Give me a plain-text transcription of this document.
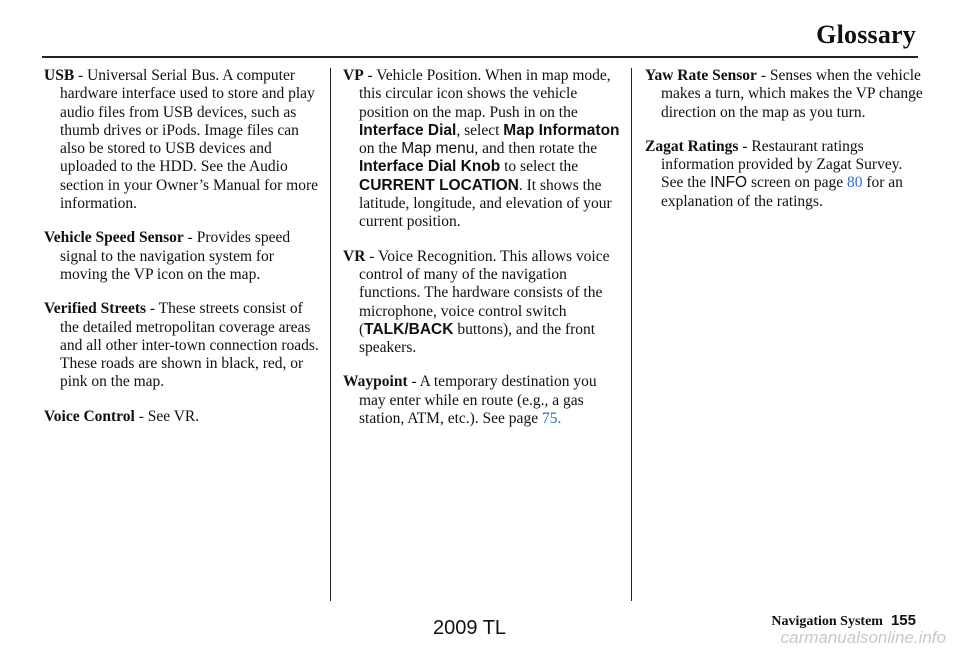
Glossary

USB - Universal Serial Bus. A computer hardware interface used to store and play audio files from USB devices, such as thumb drives or iPods. Image files can also be stored to USB devices and uploaded to the HDD. See the Audio section in your Owner’s Manual for more information.

Vehicle Speed Sensor - Provides speed signal to the navigation system for moving the VP icon on the map.

Verified Streets - These streets consist of the detailed metropolitan coverage areas and all other inter-town connection roads. These roads are shown in black, red, or pink on the map.

Voice Control - See VR.

VP - Vehicle Position. When in map mode, this circular icon shows the vehicle position on the map. Push in on the Interface Dial, select Map Informaton on the Map menu, and then rotate the Interface Dial Knob to select the CURRENT LOCATION. It shows the latitude, longitude, and elevation of your current position.

VR - Voice Recognition. This allows voice control of many of the navigation functions. The hardware consists of the microphone, voice control switch (TALK/BACK buttons), and the front speakers.

Waypoint - A temporary destination you may enter while en route (e.g., a gas station, ATM, etc.). See page 75.

Yaw Rate Sensor - Senses when the vehicle makes a turn, which makes the VP change direction on the map as you turn.

Zagat Ratings - Restaurant ratings information provided by Zagat Survey. See the INFO screen on page 80 for an explanation of the ratings.

Navigation System 155
2009 TL	carmanualsonline.info
